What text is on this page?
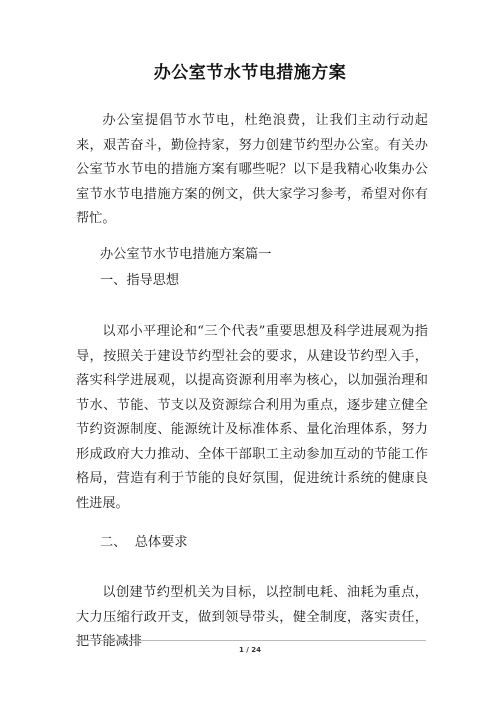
办公室节水节电措施方案

办公室提倡节水节电，杜绝浪费，让我们主动行动起来，艰苦奋斗，勤俭持家，努力创建节约型办公室。有关办公室节水节电的措施方案有哪些呢？以下是我精心收集办公室节水节电措施方案的例文，供大家学习参考，希望对你有帮忙。

办公室节水节电措施方案篇一

一、指导思想

以邓小平理论和“三个代表”重要思想及科学进展观为指导，按照关于建设节约型社会的要求，从建设节约型入手，落实科学进展观，以提高资源利用率为核心，以加强治理和节水、节能、节支以及资源综合利用为重点，逐步建立健全节约资源制度、能源统计及标准体系、量化治理体系，努力形成政府大力推动、全体干部职工主动参加互动的节能工作格局，营造有利于节能的良好氛围，促进统计系统的健康良性进展。

二、  总体要求

以创建节约型机关为目标，以控制电耗、油耗为重点，大力压缩行政开支，做到领导带头，健全制度，落实责任，把节能减排

1 / 24
